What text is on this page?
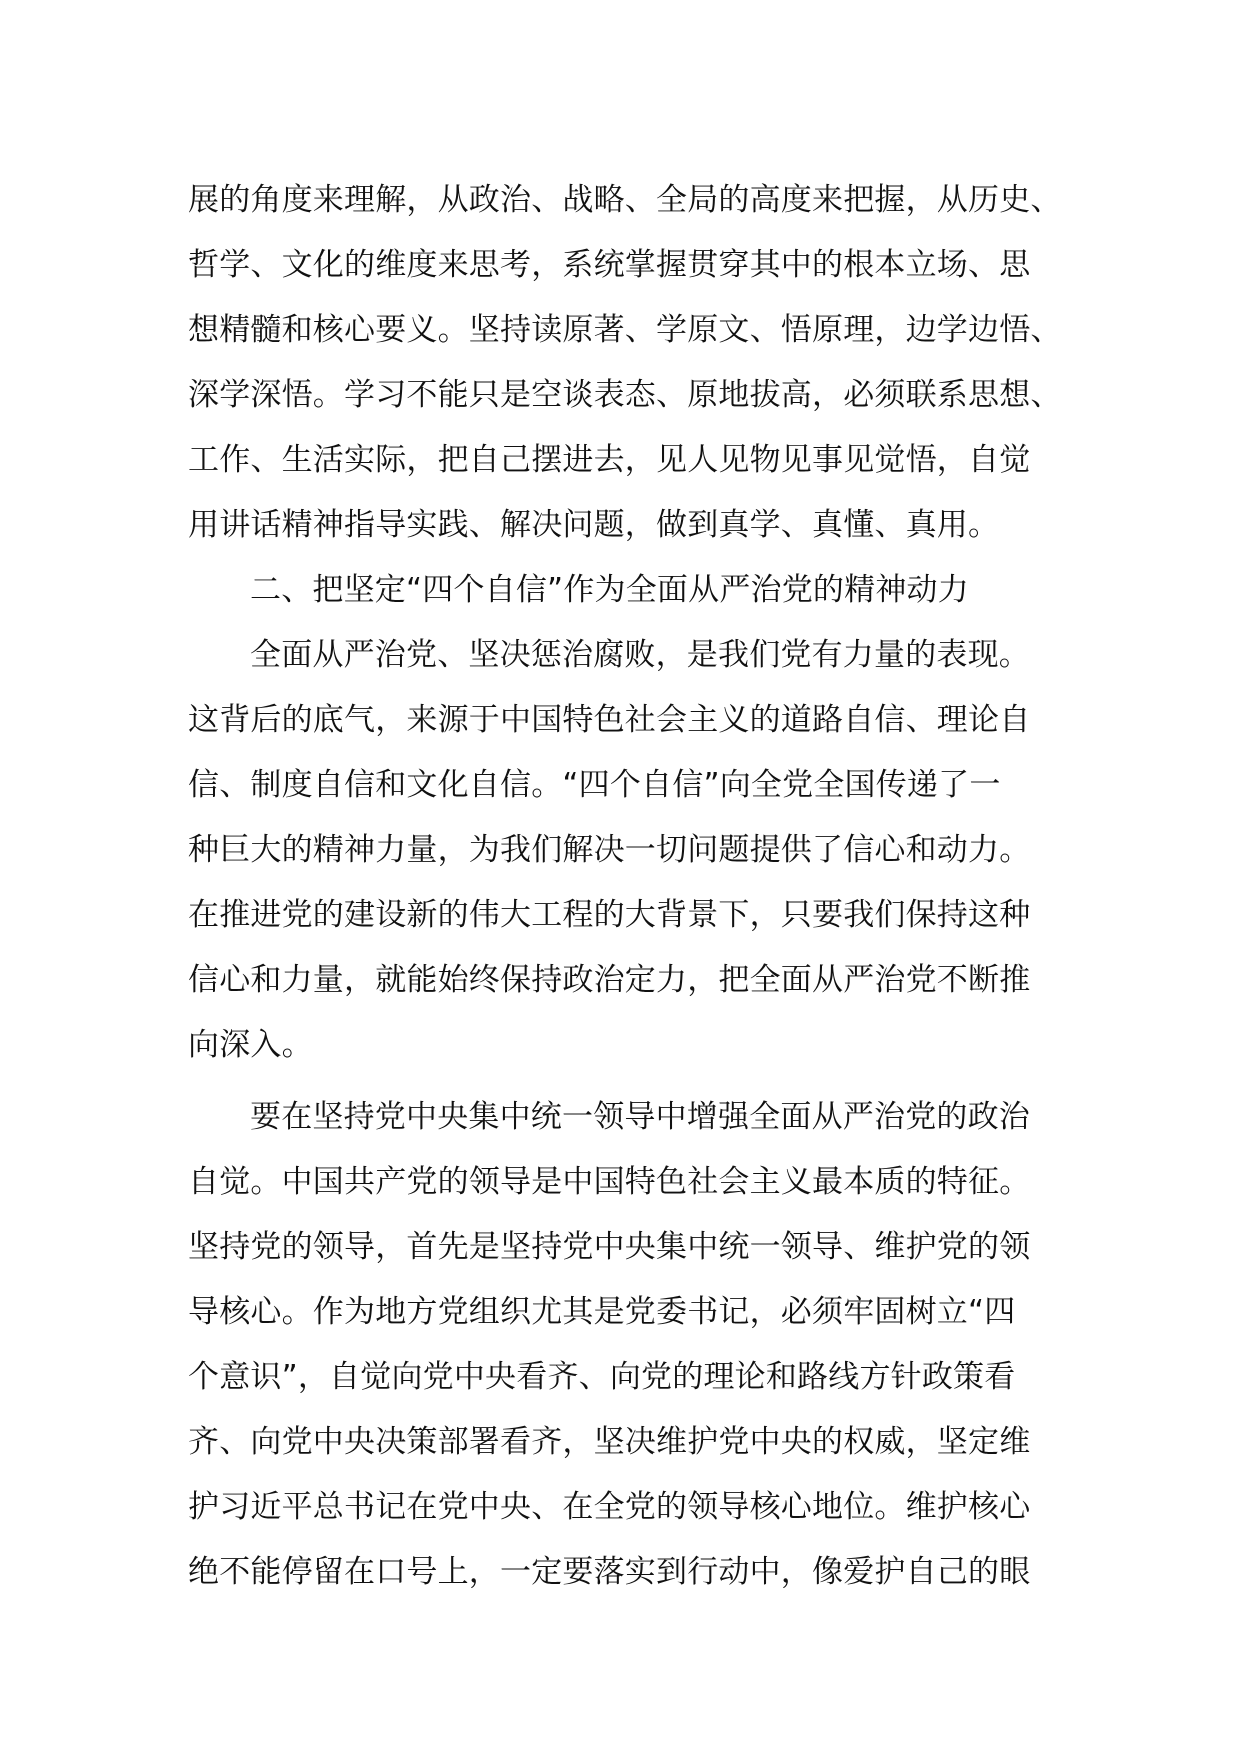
展的角度来理解，从政治、战略、全局的高度来把握，从历史、
哲学、文化的维度来思考，系统掌握贯穿其中的根本立场、思
想精髓和核心要义。坚持读原著、学原文、悟原理，边学边悟、
深学深悟。学习不能只是空谈表态、原地拔高，必须联系思想、
工作、生活实际，把自己摆进去，见人见物见事见觉悟，自觉
用讲话精神指导实践、解决问题，做到真学、真懂、真用。
二、把坚定“四个自信”作为全面从严治党的精神动力
全面从严治党、坚决惩治腐败，是我们党有力量的表现。
这背后的底气，来源于中国特色社会主义的道路自信、理论自
信、制度自信和文化自信。“四个自信”向全党全国传递了一
种巨大的精神力量，为我们解决一切问题提供了信心和动力。
在推进党的建设新的伟大工程的大背景下，只要我们保持这种
信心和力量，就能始终保持政治定力，把全面从严治党不断推
向深入。
要在坚持党中央集中统一领导中增强全面从严治党的政治
自觉。中国共产党的领导是中国特色社会主义最本质的特征。
坚持党的领导，首先是坚持党中央集中统一领导、维护党的领
导核心。作为地方党组织尤其是党委书记，必须牢固树立“四
个意识”，自觉向党中央看齐、向党的理论和路线方针政策看
齐、向党中央决策部署看齐，坚决维护党中央的权威，坚定维
护习近平总书记在党中央、在全党的领导核心地位。维护核心
绝不能停留在口号上，一定要落实到行动中，像爱护自己的眼
